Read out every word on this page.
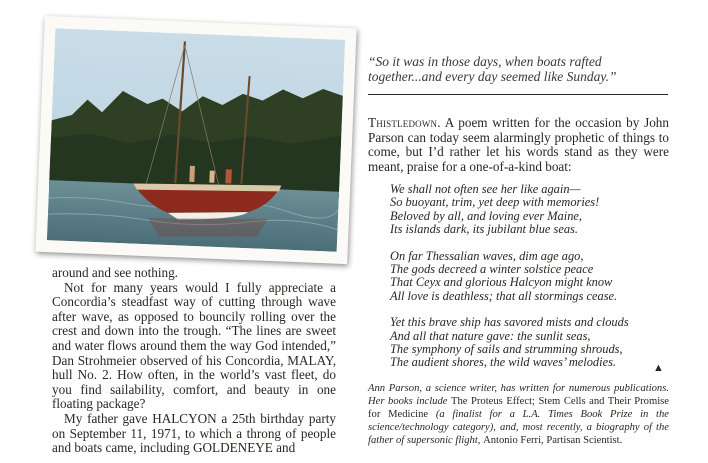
around and see nothing.

Not for many years would I fully appreciate a Concordia’s steadfast way of cutting through wave after wave, as opposed to bouncily rolling over the crest and down into the trough. “The lines are sweet and water flows around them the way God intended,” Dan Strohmeier observed of his Concordia, MALAY, hull No. 2. How often, in the world’s vast fleet, do you find sailability, comfort, and beauty in one floating package?

My father gave HALCYON a 25th birthday party on September 11, 1971, to which a throng of people and boats came, including GOLDENEYE and

“So it was in those days, when boats rafted together...and every day seemed like Sunday.”
Thistledown. A poem written for the occasion by John Parson can today seem alarmingly prophetic of things to come, but I’d rather let his words stand as they were meant, praise for a one-of-a-kind boat:
We shall not often see her like again—
So buoyant, trim, yet deep with memories!
Beloved by all, and loving ever Maine,
Its islands dark, its jubilant blue seas.
On far Thessalian waves, dim age ago,
The gods decreed a winter solstice peace
That Ceyx and glorious Halcyon might know
All love is deathless; that all stormings cease.
Yet this brave ship has savored mists and clouds
And all that nature gave: the sunlit seas,
The symphony of sails and strumming shrouds,
The audient shores, the wild waves’ melodies.	▲
Ann Parson, a science writer, has written for numerous publications. Her books include The Proteus Effect; Stem Cells and Their Promise for Medicine (a finalist for a L.A. Times Book Prize in the science/technology category), and, most recently, a biography of the father of supersonic flight, Antonio Ferri, Partisan Scientist.
